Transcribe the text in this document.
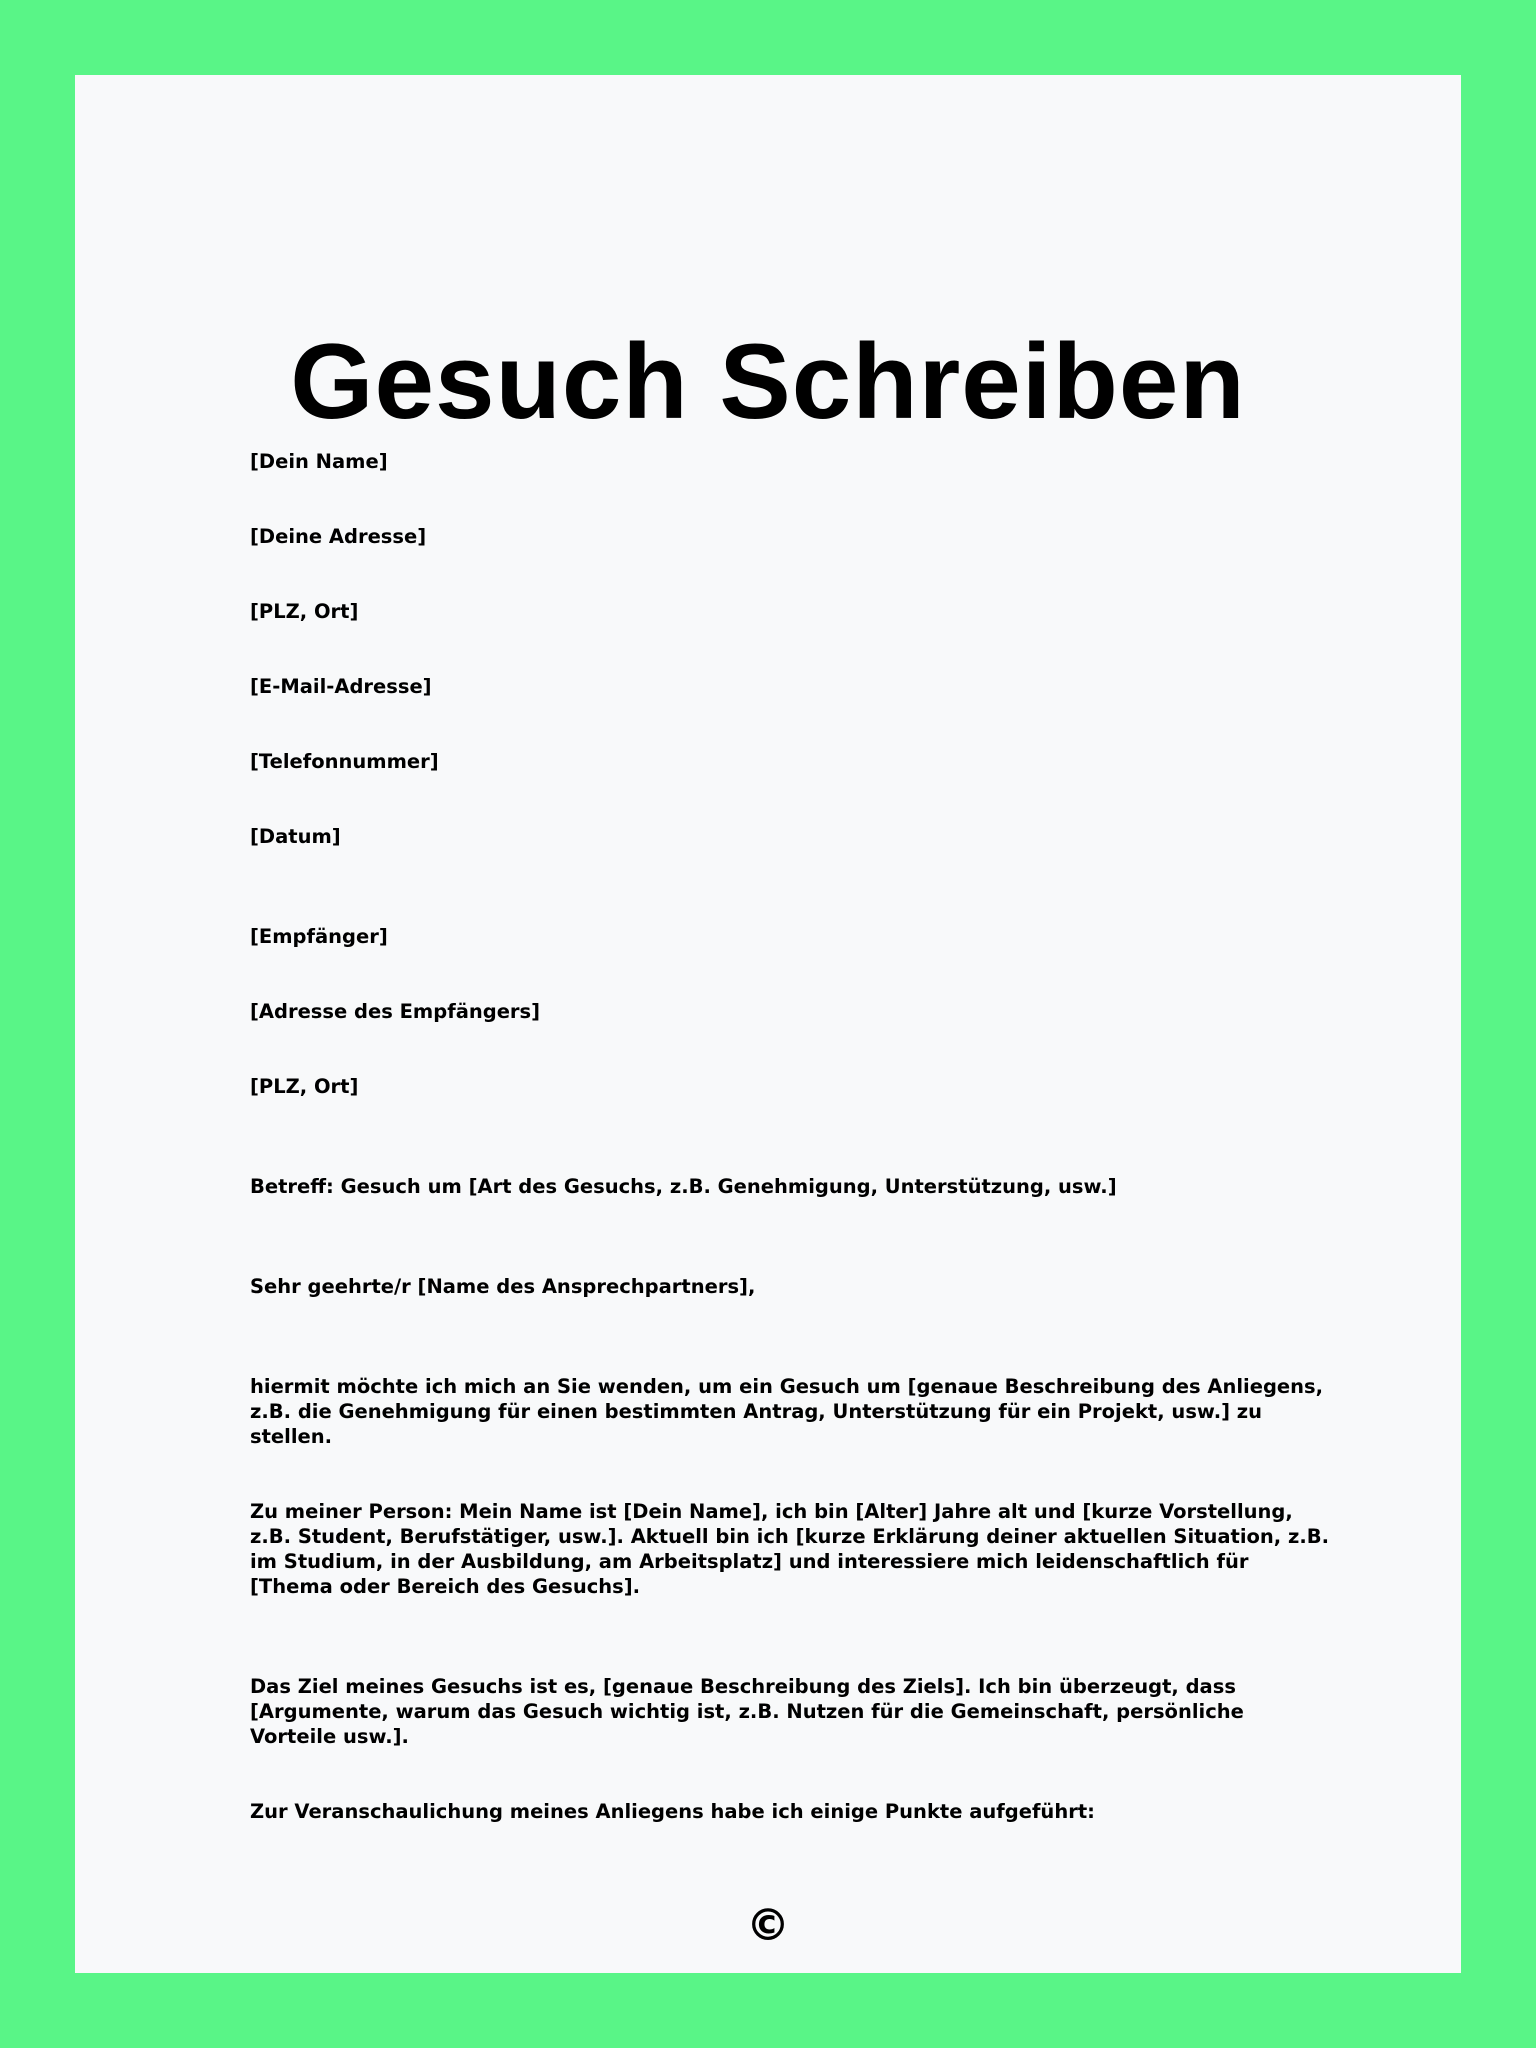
Gesuch Schreiben

[Dein Name]

[Deine Adresse]

[PLZ, Ort]

[E-Mail-Adresse]

[Telefonnummer]

[Datum]

[Empfänger]

[Adresse des Empfängers]

[PLZ, Ort]

Betreff: Gesuch um [Art des Gesuchs, z.B. Genehmigung, Unterstützung, usw.]

Sehr geehrte/r [Name des Ansprechpartners],

hiermit möchte ich mich an Sie wenden, um ein Gesuch um [genaue Beschreibung des Anliegens, z.B. die Genehmigung für einen bestimmten Antrag, Unterstützung für ein Projekt, usw.] zu stellen.

Zu meiner Person: Mein Name ist [Dein Name], ich bin [Alter] Jahre alt und [kurze Vorstellung, z.B. Student, Berufstätiger, usw.]. Aktuell bin ich [kurze Erklärung deiner aktuellen Situation, z.B. im Studium, in der Ausbildung, am Arbeitsplatz] und interessiere mich leidenschaftlich für [Thema oder Bereich des Gesuchs].

Das Ziel meines Gesuchs ist es, [genaue Beschreibung des Ziels]. Ich bin überzeugt, dass [Argumente, warum das Gesuch wichtig ist, z.B. Nutzen für die Gemeinschaft, persönliche Vorteile usw.].

Zur Veranschaulichung meines Anliegens habe ich einige Punkte aufgeführt:

©
